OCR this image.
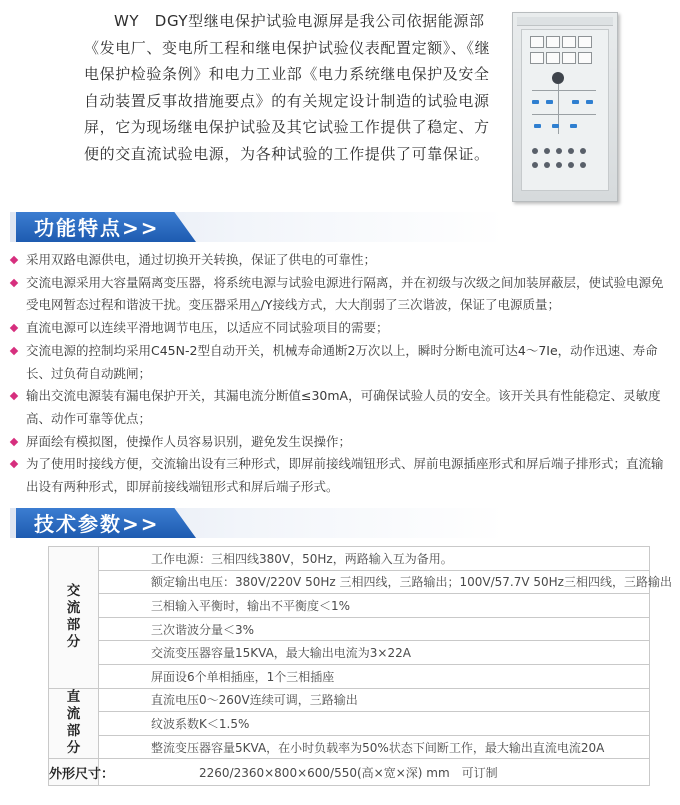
WY　DGY型继电保护试验电源屏是我公司依据能源部《发电厂、变电所工程和继电保护试验仪表配置定额》、《继电保护检验条例》和电力工业部《电力系统继电保护及安全自动装置反事故措施要点》的有关规定设计制造的试验电源屏，它为现场继电保护试验及其它试验工作提供了稳定、方便的交直流试验电源，为各种试验的工作提供了可靠保证。

功能特点>>
采用双路电源供电，通过切换开关转换，保证了供电的可靠性；
交流电源采用大容量隔离变压器，将系统电源与试验电源进行隔离，并在初级与次级之间加装屏蔽层，使试验电源免受电网暂态过程和谐波干扰。变压器采用△/Y接线方式，大大削弱了三次谐波，保证了电源质量；
直流电源可以连续平滑地调节电压，以适应不同试验项目的需要；
交流电源的控制均采用C45N-2型自动开关，机械寿命通断2万次以上，瞬时分断电流可达4～7Ie，动作迅速、寿命长、过负荷自动跳闸；
输出交流电源装有漏电保护开关，其漏电流分断值≤30mA，可确保试验人员的安全。该开关具有性能稳定、灵敏度高、动作可靠等优点；
屏面绘有模拟图，使操作人员容易识别，避免发生误操作；
为了使用时接线方便，交流输出设有三种形式，即屏前接线端钮形式、屏前电源插座形式和屏后端子排形式；直流输出设有两种形式，即屏前接线端钮形式和屏后端子形式。
技术参数>>
交流部分	工作电源：三相四线380V，50Hz，两路输入互为备用。
	额定输出电压：380V/220V 50Hz 三相四线，三路输出；100V/57.7V 50Hz三相四线，三路输出
	三相输入平衡时，输出不平衡度＜1%
	三次谐波分量＜3%
	交流变压器容量15KVA，最大输出电流为3×22A
	屏面设6个单相插座，1个三相插座
直流部分	直流电压0～260V连续可调，三路输出
	纹波系数K＜1.5%
	整流变压器容量5KVA，在小时负载率为50%状态下间断工作，最大输出直流电流20A
外形尺寸：	2260/2360×800×600/550(高×宽×深) mm　可订制
